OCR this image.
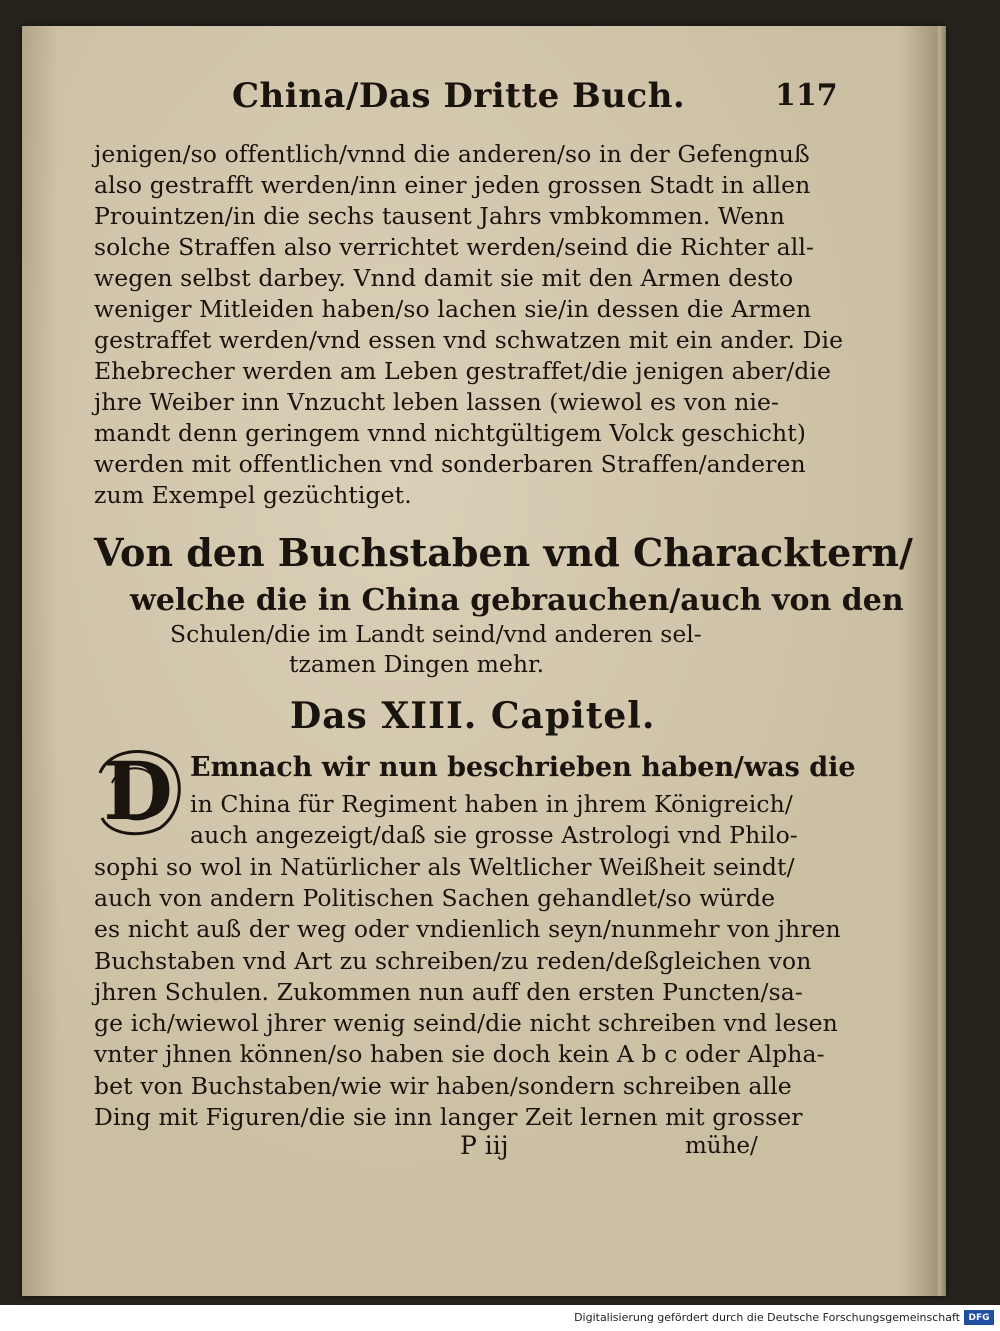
China/Das Dritte Buch.	117
jenigen/so offentlich/vnnd die anderen/so in der Gefengnuß
also gestrafft werden/inn einer jeden grossen Stadt in allen
Prouintzen/in die sechs tausent Jahrs vmbkommen. Wenn
solche Straffen also verrichtet werden/seind die Richter all-
wegen selbst darbey. Vnnd damit sie mit den Armen desto
weniger Mitleiden haben/so lachen sie/in dessen die Armen
gestraffet werden/vnd essen vnd schwatzen mit ein ander. Die
Ehebrecher werden am Leben gestraffet/die jenigen aber/die
jhre Weiber inn Vnzucht leben lassen (wiewol es von nie-
mandt denn geringem vnnd nichtgültigem Volck geschicht)
werden mit offentlichen vnd sonderbaren Straffen/anderen
zum Exempel gezüchtiget.
Von den Buchstaben vnd Characktern/
welche die in China gebrauchen/auch von den
Schulen/die im Landt seind/vnd anderen sel-
tzamen Dingen mehr.
Das XIII. Capitel.
D Emnach wir nun beschrieben haben/was die
in China für Regiment haben in jhrem Königreich/
auch angezeigt/daß sie grosse Astrologi vnd Philo-
sophi so wol in Natürlicher als Weltlicher Weißheit seindt/
auch von andern Politischen Sachen gehandlet/so würde
es nicht auß der weg oder vndienlich seyn/nunmehr von jhren
Buchstaben vnd Art zu schreiben/zu reden/deßgleichen von
jhren Schulen. Zukommen nun auff den ersten Puncten/sa-
ge ich/wiewol jhrer wenig seind/die nicht schreiben vnd lesen
vnter jhnen können/so haben sie doch kein A b c oder Alpha-
bet von Buchstaben/wie wir haben/sondern schreiben alle
Ding mit Figuren/die sie inn langer Zeit lernen mit grosser
P iij	mühe/
Digitalisierung gefördert durch die Deutsche Forschungsgemeinschaft DFG
